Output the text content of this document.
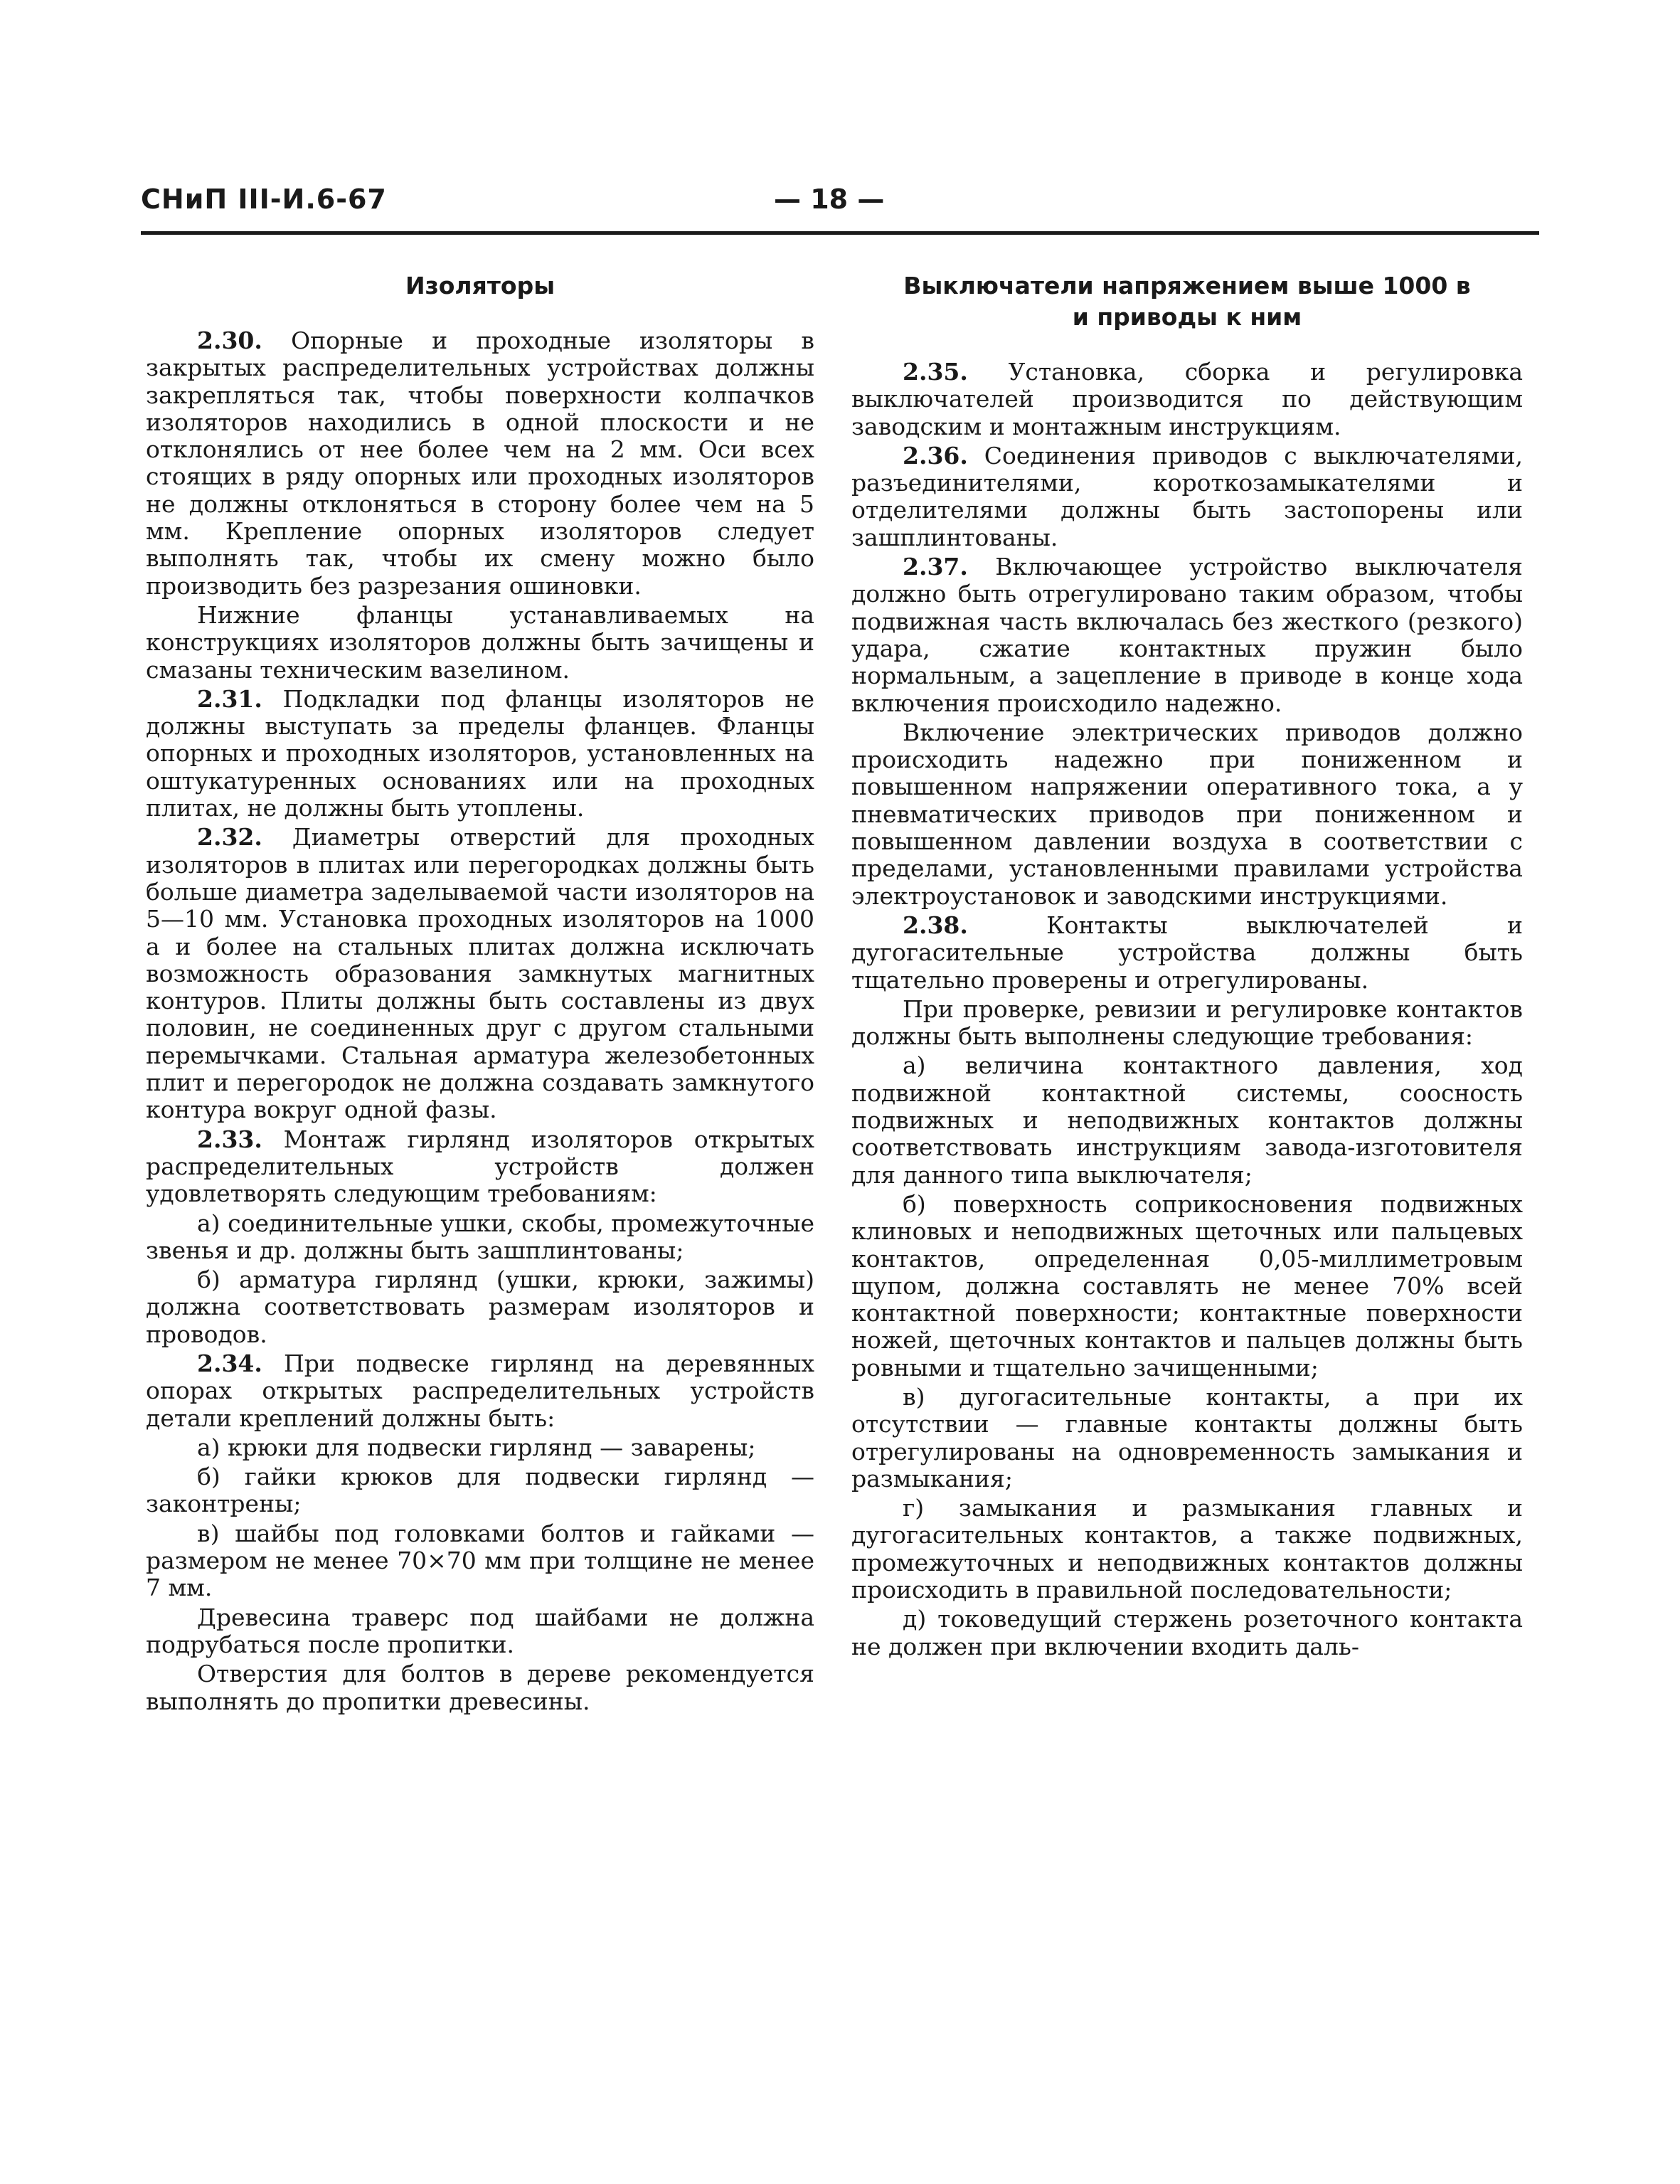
СНиП III-И.6-67	— 18 —
Изоляторы

2.30. Опорные и проходные изоляторы в закрытых распределительных устройствах должны закрепляться так, чтобы поверхности колпачков изоляторов находились в одной плоскости и не отклонялись от нее более чем на 2 мм. Оси всех стоящих в ряду опорных или проходных изоляторов не должны отклоняться в сторону более чем на 5 мм. Крепление опорных изоляторов следует выполнять так, чтобы их смену можно было производить без разрезания ошиновки.

Нижние фланцы устанавливаемых на конструкциях изоляторов должны быть зачищены и смазаны техническим вазелином.

2.31. Подкладки под фланцы изоляторов не должны выступать за пределы фланцев. Фланцы опорных и проходных изоляторов, установленных на оштукатуренных основаниях или на проходных плитах, не должны быть утоплены.

2.32. Диаметры отверстий для проходных изоляторов в плитах или перегородках должны быть больше диаметра заделываемой части изоляторов на 5—10 мм. Установка проходных изоляторов на 1000 а и более на стальных плитах должна исключать возможность образования замкнутых магнитных контуров. Плиты должны быть составлены из двух половин, не соединенных друг с другом стальными перемычками. Стальная арматура железобетонных плит и перегородок не должна создавать замкнутого контура вокруг одной фазы.

2.33. Монтаж гирлянд изоляторов открытых распределительных устройств должен удовлетворять следующим требованиям:

а) соединительные ушки, скобы, промежуточные звенья и др. должны быть зашплинтованы;

б) арматура гирлянд (ушки, крюки, зажимы) должна соответствовать размерам изоляторов и проводов.

2.34. При подвеске гирлянд на деревянных опорах открытых распределительных устройств детали креплений должны быть:

а) крюки для подвески гирлянд — заварены;

б) гайки крюков для подвески гирлянд — законтрены;

в) шайбы под головками болтов и гайками — размером не менее 70×70 мм при толщине не менее 7 мм.

Древесина траверс под шайбами не должна подрубаться после пропитки.

Отверстия для болтов в дереве рекомендуется выполнять до пропитки древесины.

Выключатели напряжением выше 1000 в
и приводы к ним

2.35. Установка, сборка и регулировка выключателей производится по действующим заводским и монтажным инструкциям.

2.36. Соединения приводов с выключателями, разъединителями, короткозамыкателями и отделителями должны быть застопорены или зашплинтованы.

2.37. Включающее устройство выключателя должно быть отрегулировано таким образом, чтобы подвижная часть включалась без жесткого (резкого) удара, сжатие контактных пружин было нормальным, а зацепление в приводе в конце хода включения происходило надежно.

Включение электрических приводов должно происходить надежно при пониженном и повышенном напряжении оперативного тока, а у пневматических приводов при пониженном и повышенном давлении воздуха в соответствии с пределами, установленными правилами устройства электроустановок и заводскими инструкциями.

2.38. Контакты выключателей и дугогасительные устройства должны быть тщательно проверены и отрегулированы.

При проверке, ревизии и регулировке контактов должны быть выполнены следующие требования:

а) величина контактного давления, ход подвижной контактной системы, соосность подвижных и неподвижных контактов должны соответствовать инструкциям завода-изготовителя для данного типа выключателя;

б) поверхность соприкосновения подвижных клиновых и неподвижных щеточных или пальцевых контактов, определенная 0,05-миллиметровым щупом, должна составлять не менее 70% всей контактной поверхности; контактные поверхности ножей, щеточных контактов и пальцев должны быть ровными и тщательно зачищенными;

в) дугогасительные контакты, а при их отсутствии — главные контакты должны быть отрегулированы на одновременность замыкания и размыкания;

г) замыкания и размыкания главных и дугогасительных контактов, а также подвижных, промежуточных и неподвижных контактов должны происходить в правильной последовательности;

д) токоведущий стержень розеточного контакта не должен при включении входить даль-
